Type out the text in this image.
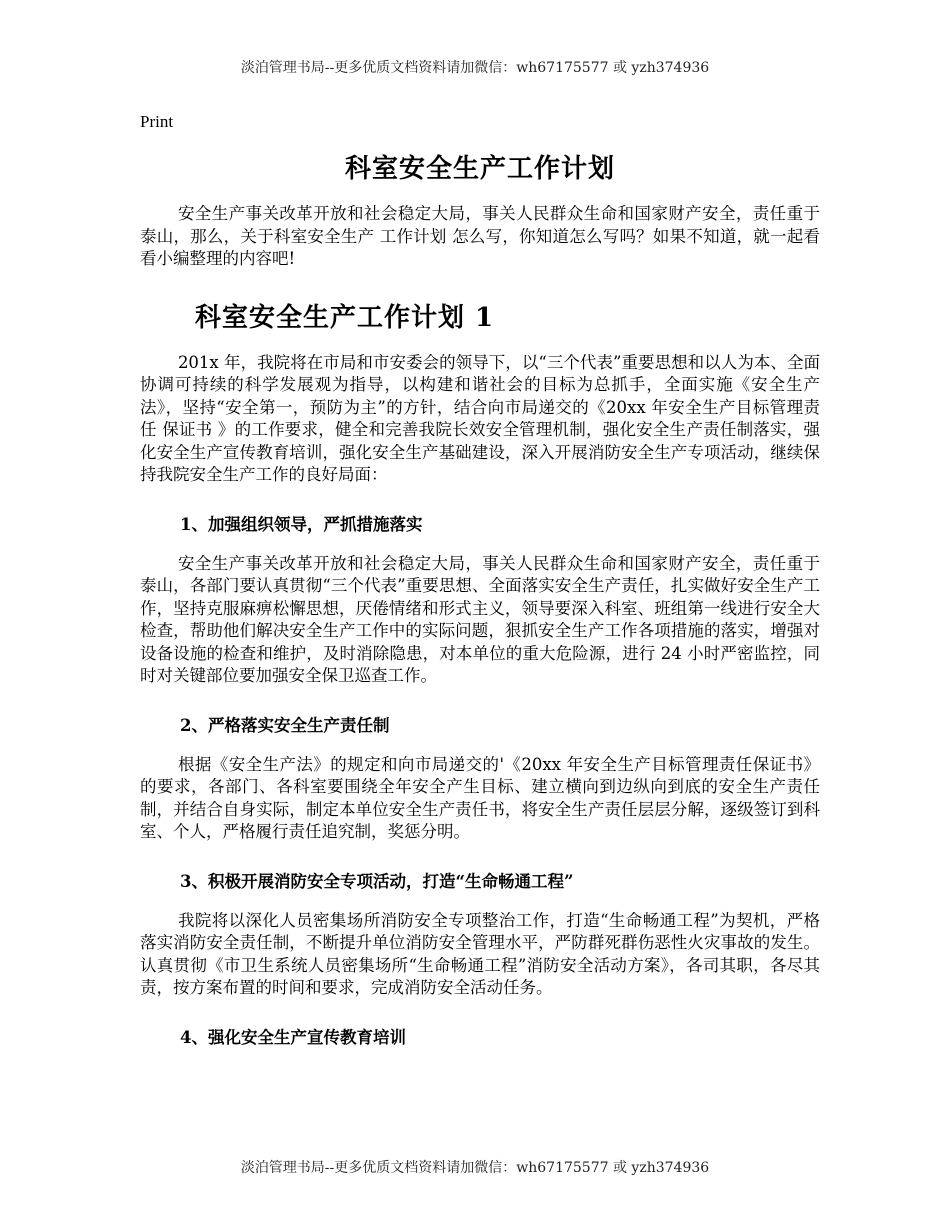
淡泊管理书局--更多优质文档资料请加微信：wh67175577 或 yzh374936
Print
科室安全生产工作计划

安全生产事关改革开放和社会稳定大局，事关人民群众生命和国家财产安全，责任重于泰山，那么，关于科室安全生产 工作计划 怎么写，你知道怎么写吗？如果不知道，就一起看看小编整理的内容吧!

科室安全生产工作计划 1

201x 年，我院将在市局和市安委会的领导下，以“三个代表”重要思想和以人为本、全面协调可持续的科学发展观为指导，以构建和谐社会的目标为总抓手，全面实施《安全生产法》，坚持“安全第一，预防为主”的方针，结合向市局递交的《20xx 年安全生产目标管理责任 保证书 》的工作要求，健全和完善我院长效安全管理机制，强化安全生产责任制落实，强化安全生产宣传教育培训，强化安全生产基础建设，深入开展消防安全生产专项活动，继续保持我院安全生产工作的良好局面：

1、加强组织领导，严抓措施落实

安全生产事关改革开放和社会稳定大局，事关人民群众生命和国家财产安全，责任重于泰山，各部门要认真贯彻“三个代表”重要思想、全面落实安全生产责任，扎实做好安全生产工作，坚持克服麻痹松懈思想，厌倦情绪和形式主义，领导要深入科室、班组第一线进行安全大检查，帮助他们解决安全生产工作中的实际问题，狠抓安全生产工作各项措施的落实，增强对设备设施的检查和维护，及时消除隐患，对本单位的重大危险源，进行 24 小时严密监控，同时对关键部位要加强安全保卫巡查工作。

2、严格落实安全生产责任制

根据《安全生产法》的规定和向市局递交的'《20xx 年安全生产目标管理责任保证书》的要求，各部门、各科室要围绕全年安全产生目标、建立横向到边纵向到底的安全生产责任制，并结合自身实际，制定本单位安全生产责任书，将安全生产责任层层分解，逐级签订到科室、个人，严格履行责任追究制，奖惩分明。

3、积极开展消防安全专项活动，打造“生命畅通工程”

我院将以深化人员密集场所消防安全专项整治工作，打造“生命畅通工程”为契机，严格落实消防安全责任制，不断提升单位消防安全管理水平，严防群死群伤恶性火灾事故的发生。认真贯彻《市卫生系统人员密集场所“生命畅通工程”消防安全活动方案》，各司其职，各尽其责，按方案布置的时间和要求，完成消防安全活动任务。

4、强化安全生产宣传教育培训
淡泊管理书局--更多优质文档资料请加微信：wh67175577 或 yzh374936
